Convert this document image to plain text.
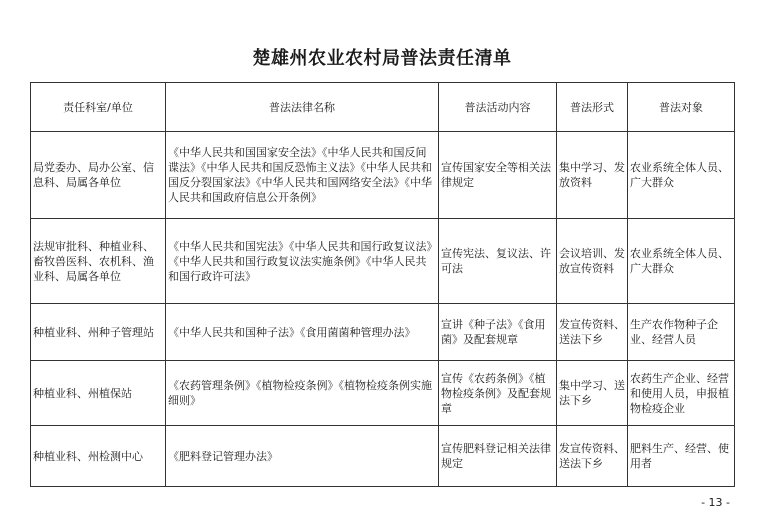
楚雄州农业农村局普法责任清单
责任科室/单位	普法法律名称	普法活动内容	普法形式	普法对象
局党委办、局办公室、信息科、局属各单位	《中华人民共和国国家安全法》《中华人民共和国反间谍法》《中华人民共和国反恐怖主义法》《中华人民共和国反分裂国家法》《中华人民共和国网络安全法》《中华人民共和国政府信息公开条例》	宣传国家安全等相关法律规定	集中学习、发放资料	农业系统全体人员、广大群众
法规审批科、种植业科、畜牧兽医科、农机科、渔业科、局属各单位	《中华人民共和国宪法》《中华人民共和国行政复议法》《中华人民共和国行政复议法实施条例》《中华人民共和国行政许可法》	宣传宪法、复议法、许可法	会议培训、发放宣传资料	农业系统全体人员、广大群众
种植业科、州种子管理站	《中华人民共和国种子法》《食用菌菌种管理办法》	宣讲《种子法》《食用菌》及配套规章	发宣传资料、送法下乡	生产农作物种子企业、经营人员
种植业科、州植保站	《农药管理条例》《植物检疫条例》《植物检疫条例实施细则》	宣传《农药条例》《植物检疫条例》及配套规章	集中学习、送法下乡	农药生产企业、经营和使用人员，申报植物检疫企业
种植业科、州检测中心	《肥料登记管理办法》	宣传肥料登记相关法律规定	发宣传资料、送法下乡	肥料生产、经营、使用者
- 13 -
